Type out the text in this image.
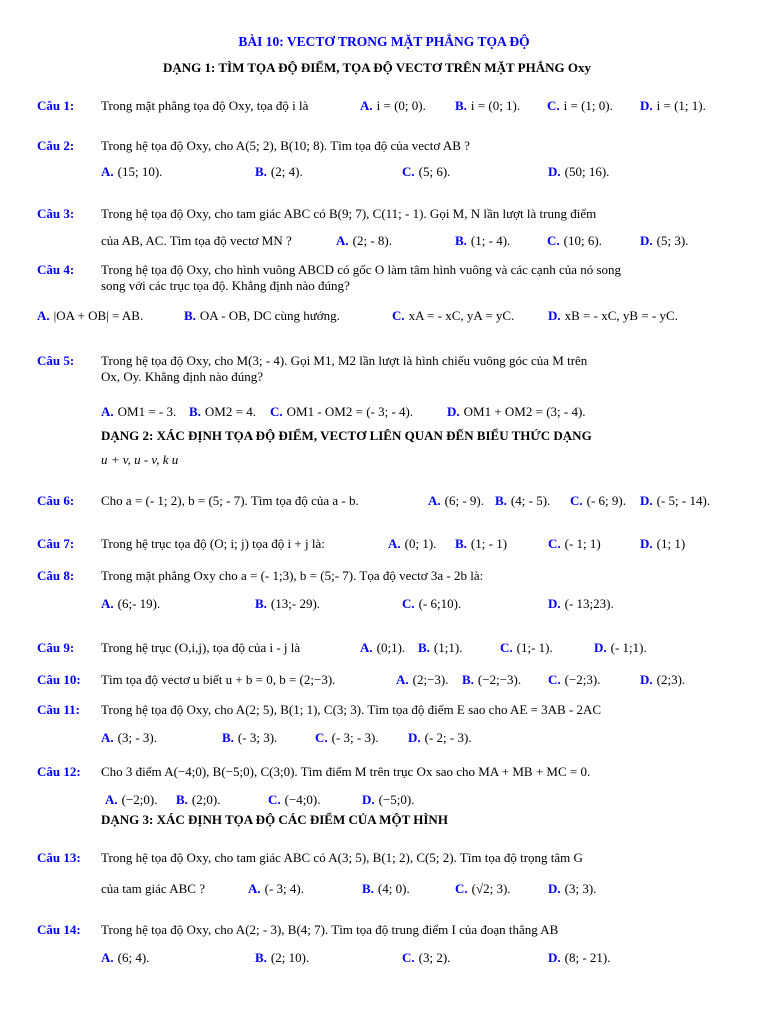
BÀI 10: VECTƠ TRONG MẶT PHẲNG TỌA ĐỘ
DẠNG 1: TÌM TỌA ĐỘ ĐIỂM, TỌA ĐỘ VECTƠ TRÊN MẶT PHẲNG Oxy
Câu 1: Trong mặt phẳng tọa độ Oxy, tọa độ i là	A. i = (0; 0). B. i = (0; 1). C. i = (1; 0). D. i = (1; 1).
Câu 2: Trong hệ tọa độ Oxy, cho A(5; 2), B(10; 8). Tìm tọa độ của vectơ AB ?
A. (15; 10).	B. (2; 4).	C. (5; 6).	D. (50; 16).
Câu 3: Trong hệ tọa độ Oxy, cho tam giác ABC có B(9; 7), C(11; - 1). Gọi M, N lần lượt là trung điểm
của AB, AC. Tìm tọa độ vectơ MN ?	A. (2; - 8).	B. (1; - 4).	C. (10; 6).	D. (5; 3).
Câu 4: Trong hệ tọa độ Oxy, cho hình vuông ABCD có gốc O làm tâm hình vuông và các cạnh của nó song
song với các trục tọa độ. Khẳng định nào đúng?
A. |OA + OB| = AB.	B. OA - OB, DC cùng hướng.	C. xA = - xC, yA = yC.	D. xB = - xC, yB = - yC.
Câu 5: Trong hệ tọa độ Oxy, cho M(3; - 4). Gọi M1, M2 lần lượt là hình chiếu vuông góc của M trên
Ox, Oy. Khẳng định nào đúng?
A. OM1 = - 3. B. OM2 = 4. C. OM1 - OM2 = (- 3; - 4).	D. OM1 + OM2 = (3; - 4).
DẠNG 2: XÁC ĐỊNH TỌA ĐỘ ĐIỂM, VECTƠ LIÊN QUAN ĐẾN BIỂU THỨC DẠNG
u + v, u - v, k u
Câu 6: Cho a = (- 1; 2), b = (5; - 7). Tìm tọa độ của a - b.	A. (6; - 9). B. (4; - 5). C. (- 6; 9). D. (- 5; - 14).
Câu 7: Trong hệ trục tọa độ (O; i; j) tọa độ i + j là:	A. (0; 1). B. (1; - 1)	C. (- 1; 1)	D. (1; 1)
Câu 8: Trong mặt phẳng Oxy cho a = (- 1;3), b = (5;- 7). Tọa độ vectơ 3a - 2b là:
A. (6;- 19).	B. (13;- 29).	C. (- 6;10).	D. (- 13;23).
Câu 9: Trong hệ trục (O,i,j), tọa độ của i - j là	A. (0;1). B. (1;1).	C. (1;- 1).	D. (- 1;1).
Câu 10: Tìm tọa độ vectơ u biết u + b = 0, b = (2;−3).	A. (2;−3). B. (−2;−3). C. (−2;3).	D. (2;3).
Câu 11: Trong hệ tọa độ Oxy, cho A(2; 5), B(1; 1), C(3; 3). Tìm tọa độ điểm E sao cho AE = 3AB - 2AC
A. (3; - 3).	B. (- 3; 3).	C. (- 3; - 3). D. (- 2; - 3).
Câu 12: Cho 3 điểm A(−4;0), B(−5;0), C(3;0). Tìm điểm M trên trục Ox sao cho MA + MB + MC = 0.
A. (−2;0). B. (2;0).	C. (−4;0).	D. (−5;0).
DẠNG 3: XÁC ĐỊNH TỌA ĐỘ CÁC ĐIỂM CỦA MỘT HÌNH
Câu 13: Trong hệ tọa độ Oxy, cho tam giác ABC có A(3; 5), B(1; 2), C(5; 2). Tìm tọa độ trọng tâm G
của tam giác ABC ?	A. (- 3; 4).	B. (4; 0).	C. (√2; 3).	D. (3; 3).
Câu 14: Trong hệ tọa độ Oxy, cho A(2; - 3), B(4; 7). Tìm tọa độ trung điểm I của đoạn thẳng AB
A. (6; 4).	B. (2; 10).	C. (3; 2).	D. (8; - 21).
